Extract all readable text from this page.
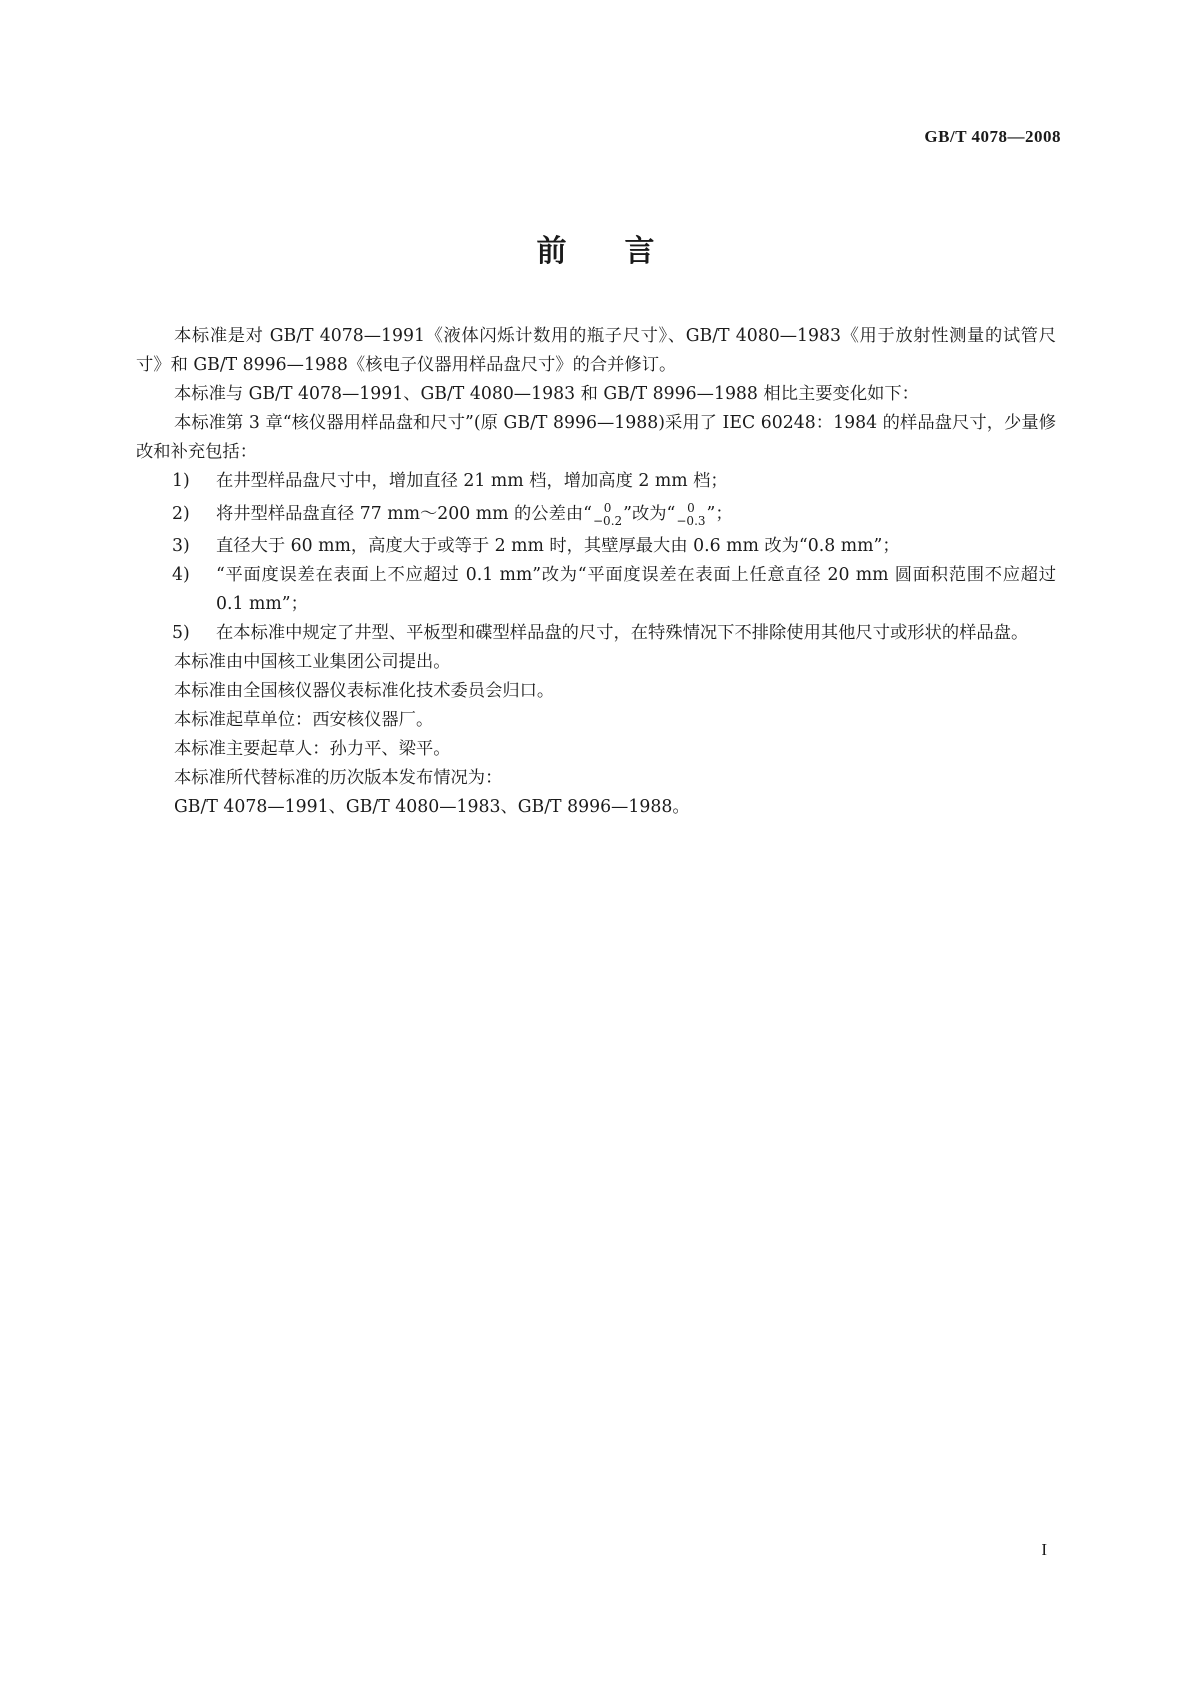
GB/T 4078—2008
前言

本标准是对 GB/T 4078—1991《液体闪烁计数用的瓶子尺寸》、GB/T 4080—1983《用于放射性测量的试管尺寸》和 GB/T 8996—1988《核电子仪器用样品盘尺寸》的合并修订。

本标准与 GB/T 4078—1991、GB/T 4080—1983 和 GB/T 8996—1988 相比主要变化如下：

本标准第 3 章“核仪器用样品盘和尺寸”(原 GB/T 8996—1988)采用了 IEC 60248：1984 的样品盘尺寸，少量修改和补充包括：

1) 在井型样品盘尺寸中，增加直径 21 mm 档，增加高度 2 mm 档；

2) 将井型样品盘直径 77 mm～200 mm 的公差由“ 0
−0.2 ”改为“ 0
−0.3 ”；

3) 直径大于 60 mm，高度大于或等于 2 mm 时，其壁厚最大由 0.6 mm 改为“0.8 mm”；

4) “平面度误差在表面上不应超过 0.1 mm”改为“平面度误差在表面上任意直径 20 mm 圆面积范围不应超过 0.1 mm”；

5) 在本标准中规定了井型、平板型和碟型样品盘的尺寸，在特殊情况下不排除使用其他尺寸或形状的样品盘。

本标准由中国核工业集团公司提出。

本标准由全国核仪器仪表标准化技术委员会归口。

本标准起草单位：西安核仪器厂。

本标准主要起草人：孙力平、梁平。

本标准所代替标准的历次版本发布情况为：

GB/T 4078—1991、GB/T 4080—1983、GB/T 8996—1988。

I
